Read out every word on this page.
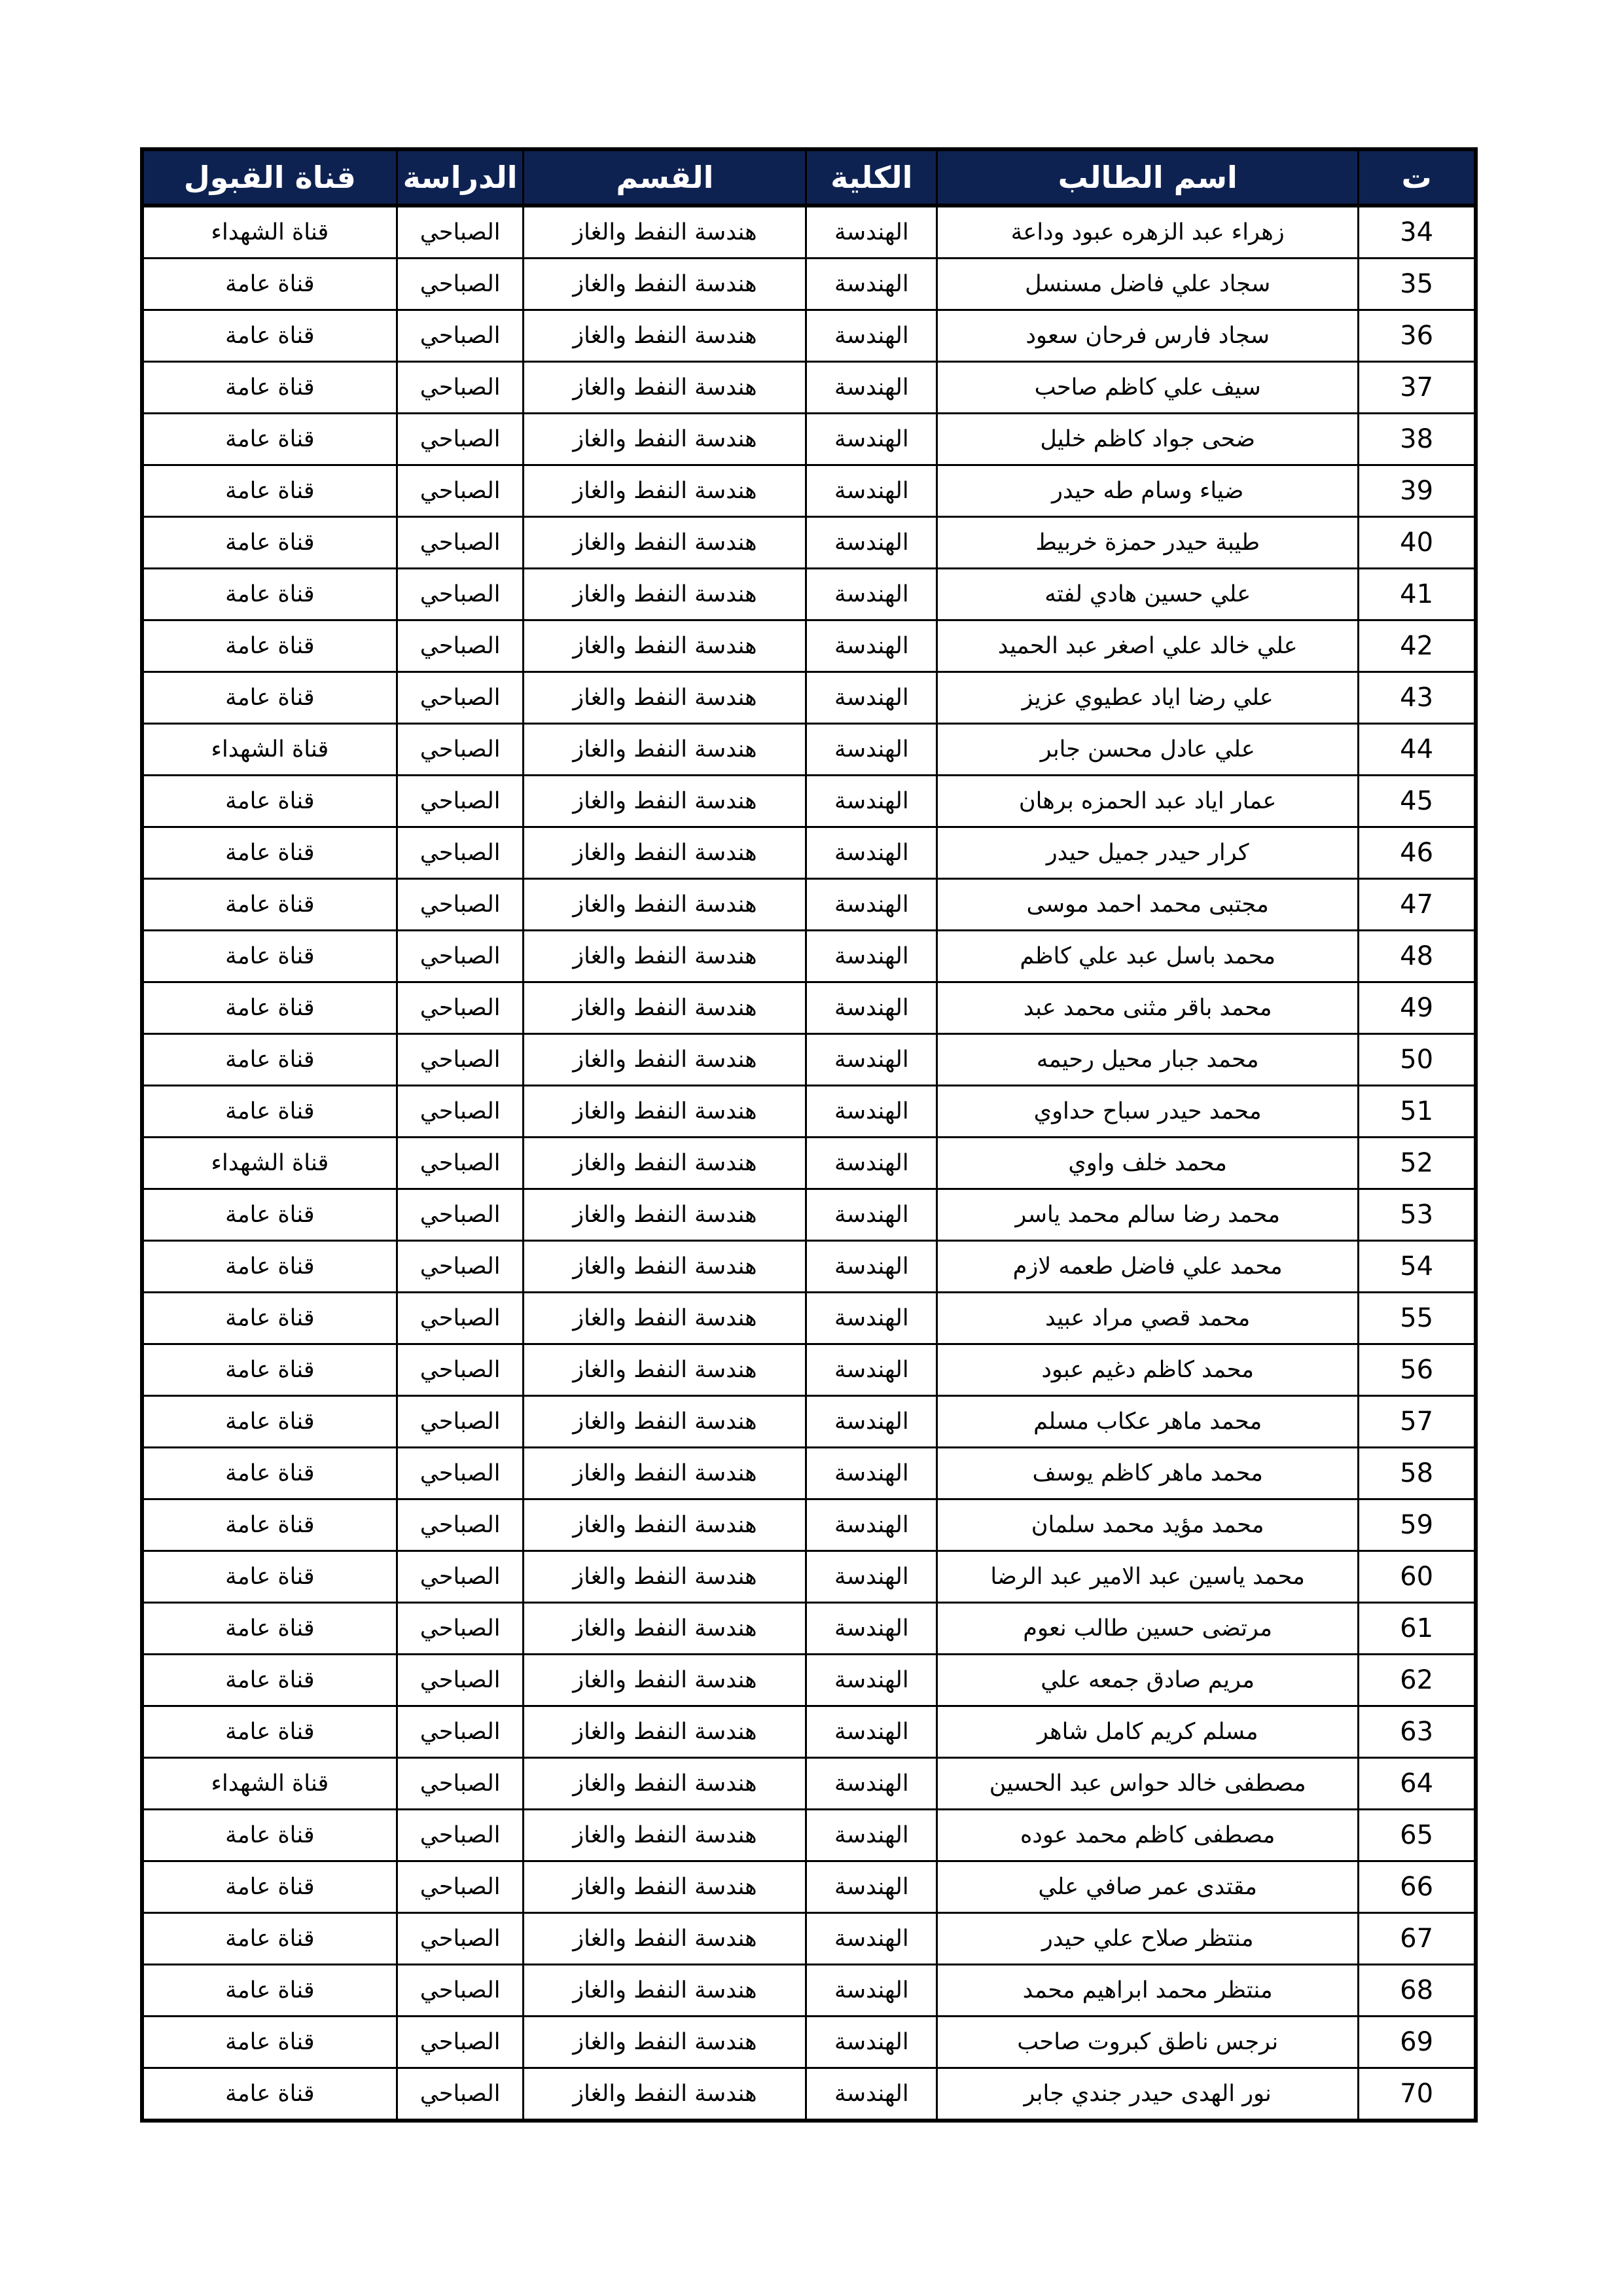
ت	اسم الطالب	الكلية	القسم	الدراسة	قناة القبول
34	زهراء عبد الزهره عبود وداعة	الهندسة	هندسة النفط والغاز	الصباحي	قناة الشهداء
35	سجاد علي فاضل مسنسل	الهندسة	هندسة النفط والغاز	الصباحي	قناة عامة
36	سجاد فارس فرحان سعود	الهندسة	هندسة النفط والغاز	الصباحي	قناة عامة
37	سيف علي كاظم صاحب	الهندسة	هندسة النفط والغاز	الصباحي	قناة عامة
38	ضحى جواد كاظم خليل	الهندسة	هندسة النفط والغاز	الصباحي	قناة عامة
39	ضياء وسام طه حيدر	الهندسة	هندسة النفط والغاز	الصباحي	قناة عامة
40	طيبة حيدر حمزة خربيط	الهندسة	هندسة النفط والغاز	الصباحي	قناة عامة
41	علي حسين هادي لفته	الهندسة	هندسة النفط والغاز	الصباحي	قناة عامة
42	علي خالد علي اصغر عبد الحميد	الهندسة	هندسة النفط والغاز	الصباحي	قناة عامة
43	علي رضا اياد عطيوي عزيز	الهندسة	هندسة النفط والغاز	الصباحي	قناة عامة
44	علي عادل محسن جابر	الهندسة	هندسة النفط والغاز	الصباحي	قناة الشهداء
45	عمار اياد عبد الحمزه برهان	الهندسة	هندسة النفط والغاز	الصباحي	قناة عامة
46	كرار حيدر جميل حيدر	الهندسة	هندسة النفط والغاز	الصباحي	قناة عامة
47	مجتبى محمد احمد موسى	الهندسة	هندسة النفط والغاز	الصباحي	قناة عامة
48	محمد باسل عبد علي كاظم	الهندسة	هندسة النفط والغاز	الصباحي	قناة عامة
49	محمد باقر مثنى محمد عبد	الهندسة	هندسة النفط والغاز	الصباحي	قناة عامة
50	محمد جبار محيل رحيمه	الهندسة	هندسة النفط والغاز	الصباحي	قناة عامة
51	محمد حيدر سباح حداوي	الهندسة	هندسة النفط والغاز	الصباحي	قناة عامة
52	محمد خلف واوي	الهندسة	هندسة النفط والغاز	الصباحي	قناة الشهداء
53	محمد رضا سالم محمد ياسر	الهندسة	هندسة النفط والغاز	الصباحي	قناة عامة
54	محمد علي فاضل طعمه لازم	الهندسة	هندسة النفط والغاز	الصباحي	قناة عامة
55	محمد قصي مراد عبيد	الهندسة	هندسة النفط والغاز	الصباحي	قناة عامة
56	محمد كاظم دغيم عبود	الهندسة	هندسة النفط والغاز	الصباحي	قناة عامة
57	محمد ماهر عكاب مسلم	الهندسة	هندسة النفط والغاز	الصباحي	قناة عامة
58	محمد ماهر كاظم يوسف	الهندسة	هندسة النفط والغاز	الصباحي	قناة عامة
59	محمد مؤيد محمد سلمان	الهندسة	هندسة النفط والغاز	الصباحي	قناة عامة
60	محمد ياسين عبد الامير عبد الرضا	الهندسة	هندسة النفط والغاز	الصباحي	قناة عامة
61	مرتضى حسين طالب نعوم	الهندسة	هندسة النفط والغاز	الصباحي	قناة عامة
62	مريم صادق جمعه علي	الهندسة	هندسة النفط والغاز	الصباحي	قناة عامة
63	مسلم كريم كامل شاهر	الهندسة	هندسة النفط والغاز	الصباحي	قناة عامة
64	مصطفى خالد حواس عبد الحسين	الهندسة	هندسة النفط والغاز	الصباحي	قناة الشهداء
65	مصطفى كاظم محمد عوده	الهندسة	هندسة النفط والغاز	الصباحي	قناة عامة
66	مقتدى عمر صافي علي	الهندسة	هندسة النفط والغاز	الصباحي	قناة عامة
67	منتظر صلاح علي حيدر	الهندسة	هندسة النفط والغاز	الصباحي	قناة عامة
68	منتظر محمد ابراهيم محمد	الهندسة	هندسة النفط والغاز	الصباحي	قناة عامة
69	نرجس ناطق كبروت صاحب	الهندسة	هندسة النفط والغاز	الصباحي	قناة عامة
70	نور الهدى حيدر جندي جابر	الهندسة	هندسة النفط والغاز	الصباحي	قناة عامة
